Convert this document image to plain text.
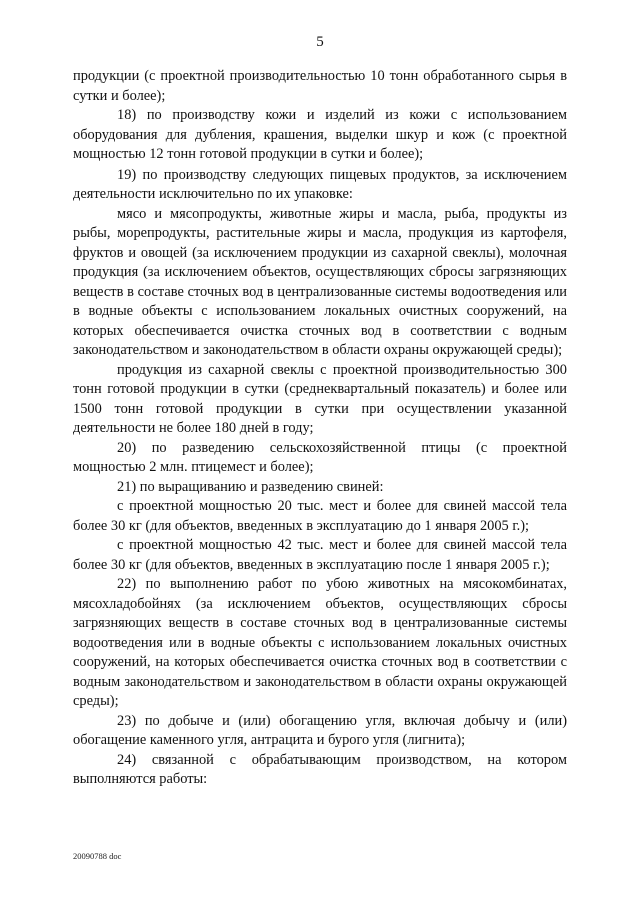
5

продукции (с проектной производительностью 10 тонн обработанного сырья в сутки и более);

18) по производству кожи и изделий из кожи с использованием оборудования для дубления, крашения, выделки шкур и кож (с проектной мощностью 12 тонн готовой продукции в сутки и более);

19) по производству следующих пищевых продуктов, за исключением деятельности исключительно по их упаковке:

мясо и мясопродукты, животные жиры и масла, рыба, продукты из рыбы, морепродукты, растительные жиры и масла, продукция из картофеля, фруктов и овощей (за исключением продукции из сахарной свеклы), молочная продукция (за исключением объектов, осуществляющих сбросы загрязняющих веществ в составе сточных вод в централизованные системы водоотведения или в водные объекты с использованием локальных очистных сооружений, на которых обеспечивается очистка сточных вод в соответствии с водным законодательством и законодательством в области охраны окружающей среды);

продукция из сахарной свеклы с проектной производительностью 300 тонн готовой продукции в сутки (среднеквартальный показатель) и более или 1500 тонн готовой продукции в сутки при осуществлении указанной деятельности не более 180 дней в году;

20) по разведению сельскохозяйственной птицы (с проектной мощностью 2 млн. птицемест и более);

21) по выращиванию и разведению свиней:

с проектной мощностью 20 тыс. мест и более для свиней массой тела более 30 кг (для объектов, введенных в эксплуатацию до 1 января 2005 г.);

с проектной мощностью 42 тыс. мест и более для свиней массой тела более 30 кг (для объектов, введенных в эксплуатацию после 1 января 2005 г.);

22) по выполнению работ по убою животных на мясокомбинатах, мясохладобойнях (за исключением объектов, осуществляющих сбросы загрязняющих веществ в составе сточных вод в централизованные системы водоотведения или в водные объекты с использованием локальных очистных сооружений, на которых обеспечивается очистка сточных вод в соответствии с водным законодательством и законодательством в области охраны окружающей среды);

23) по добыче и (или) обогащению угля, включая добычу и (или) обогащение каменного угля, антрацита и бурого угля (лигнита);

24) связанной с обрабатывающим производством, на котором выполняются работы:

20090788 doc
